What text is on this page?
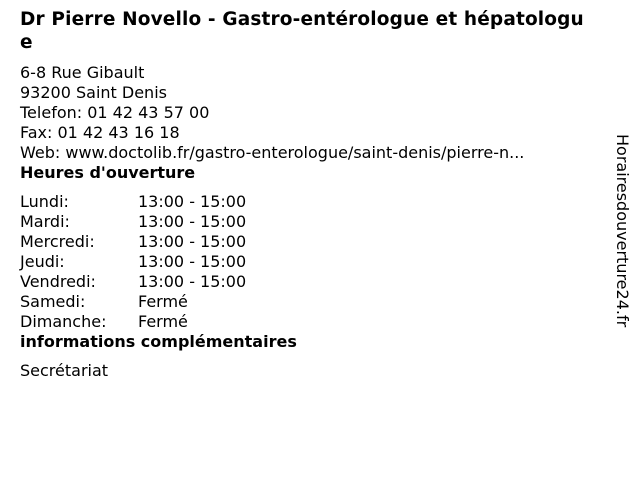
Dr Pierre Novello - Gastro-entérologue et hépatologue
6-8 Rue Gibault
93200 Saint Denis
Telefon: 01 42 43 57 00
Fax: 01 42 43 16 18
Web: www.doctolib.fr/gastro-enterologue/saint-denis/pierre-n...
Heures d'ouverture
Lundi:	13:00 - 15:00
Mardi:	13:00 - 15:00
Mercredi:	13:00 - 15:00
Jeudi:	13:00 - 15:00
Vendredi:	13:00 - 15:00
Samedi:	Fermé
Dimanche:	Fermé
informations complémentaires
Secrétariat
Horairesdouverture24.fr
